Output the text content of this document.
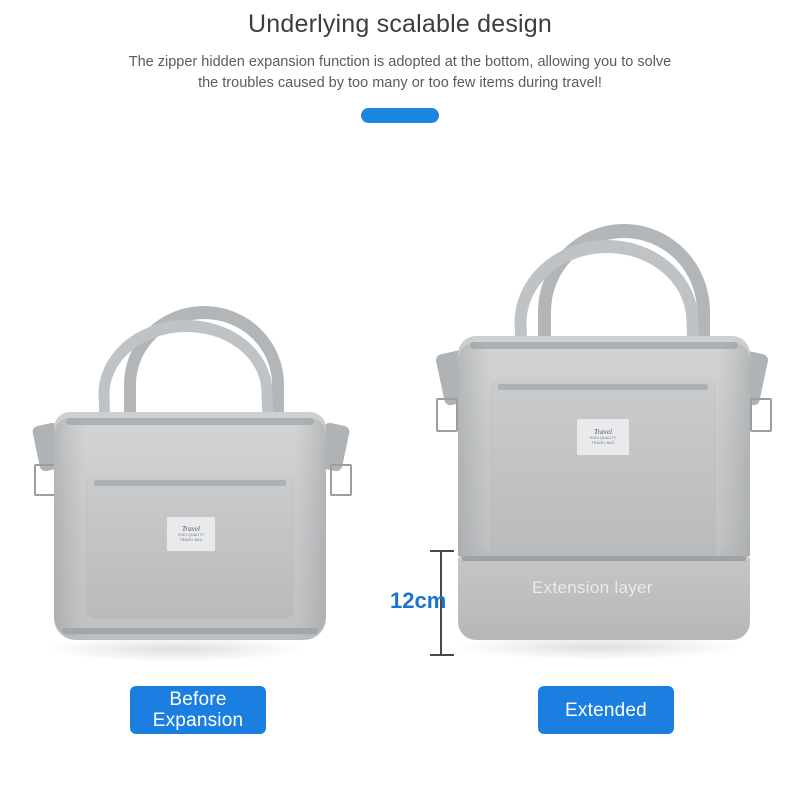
Underlying scalable design
The zipper hidden expansion function is adopted at the bottom, allowing you to solve the troubles caused by too many or too few items during travel!
Travel
HIGH QUALITY
TRAVEL BAG
Travel
HIGH QUALITY
TRAVEL BAG
Extension layer
12cm
Before Expansion	Extended
